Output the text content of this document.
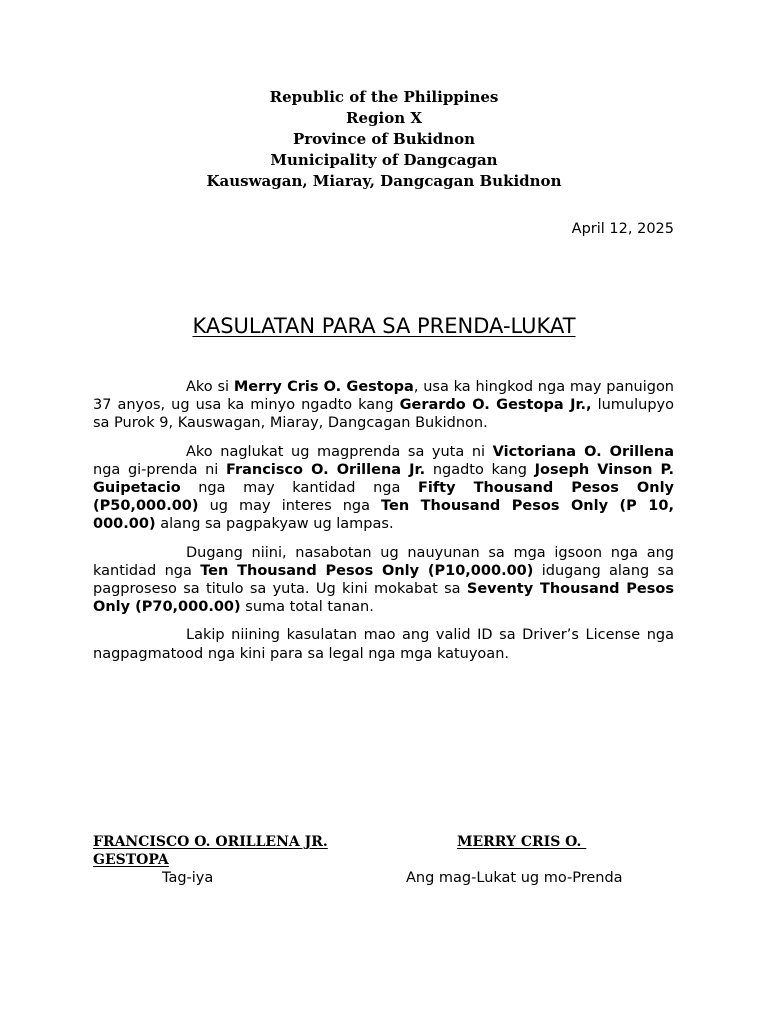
Republic of the Philippines
Region X
Province of Bukidnon
Municipality of Dangcagan
Kauswagan, Miaray, Dangcagan Bukidnon
April 12, 2025
KASULATAN PARA SA PRENDA-LUKAT

Ako si Merry Cris O. Gestopa, usa ka hingkod nga may panuigon 37 anyos, ug usa ka minyo ngadto kang Gerardo O. Gestopa Jr., lumulupyo sa Purok 9, Kauswagan, Miaray, Dangcagan Bukidnon.

Ako naglukat ug magprenda sa yuta ni Victoriana O. Orillena nga gi-prenda ni Francisco O. Orillena Jr. ngadto kang Joseph Vinson P. Guipetacio nga may kantidad nga Fifty Thousand Pesos Only (P50,000.00) ug may interes nga Ten Thousand Pesos Only (P 10, 000.00) alang sa pagpakyaw ug lampas.

Dugang niini, nasabotan ug nauyunan sa mga igsoon nga ang kantidad nga Ten Thousand Pesos Only (P10,000.00) idugang alang sa pagproseso sa titulo sa yuta. Ug kini mokabat sa Seventy Thousand Pesos Only (P70,000.00) suma total tanan.

Lakip niining kasulatan mao ang valid ID sa Driver’s License nga nagpagmatood nga kini para sa legal nga mga katuyoan.

FRANCISCO O. ORILLENA JR.
GESTOPA
MERRY CRIS O.
Tag-iya	Ang mag-Lukat ug mo-Prenda
